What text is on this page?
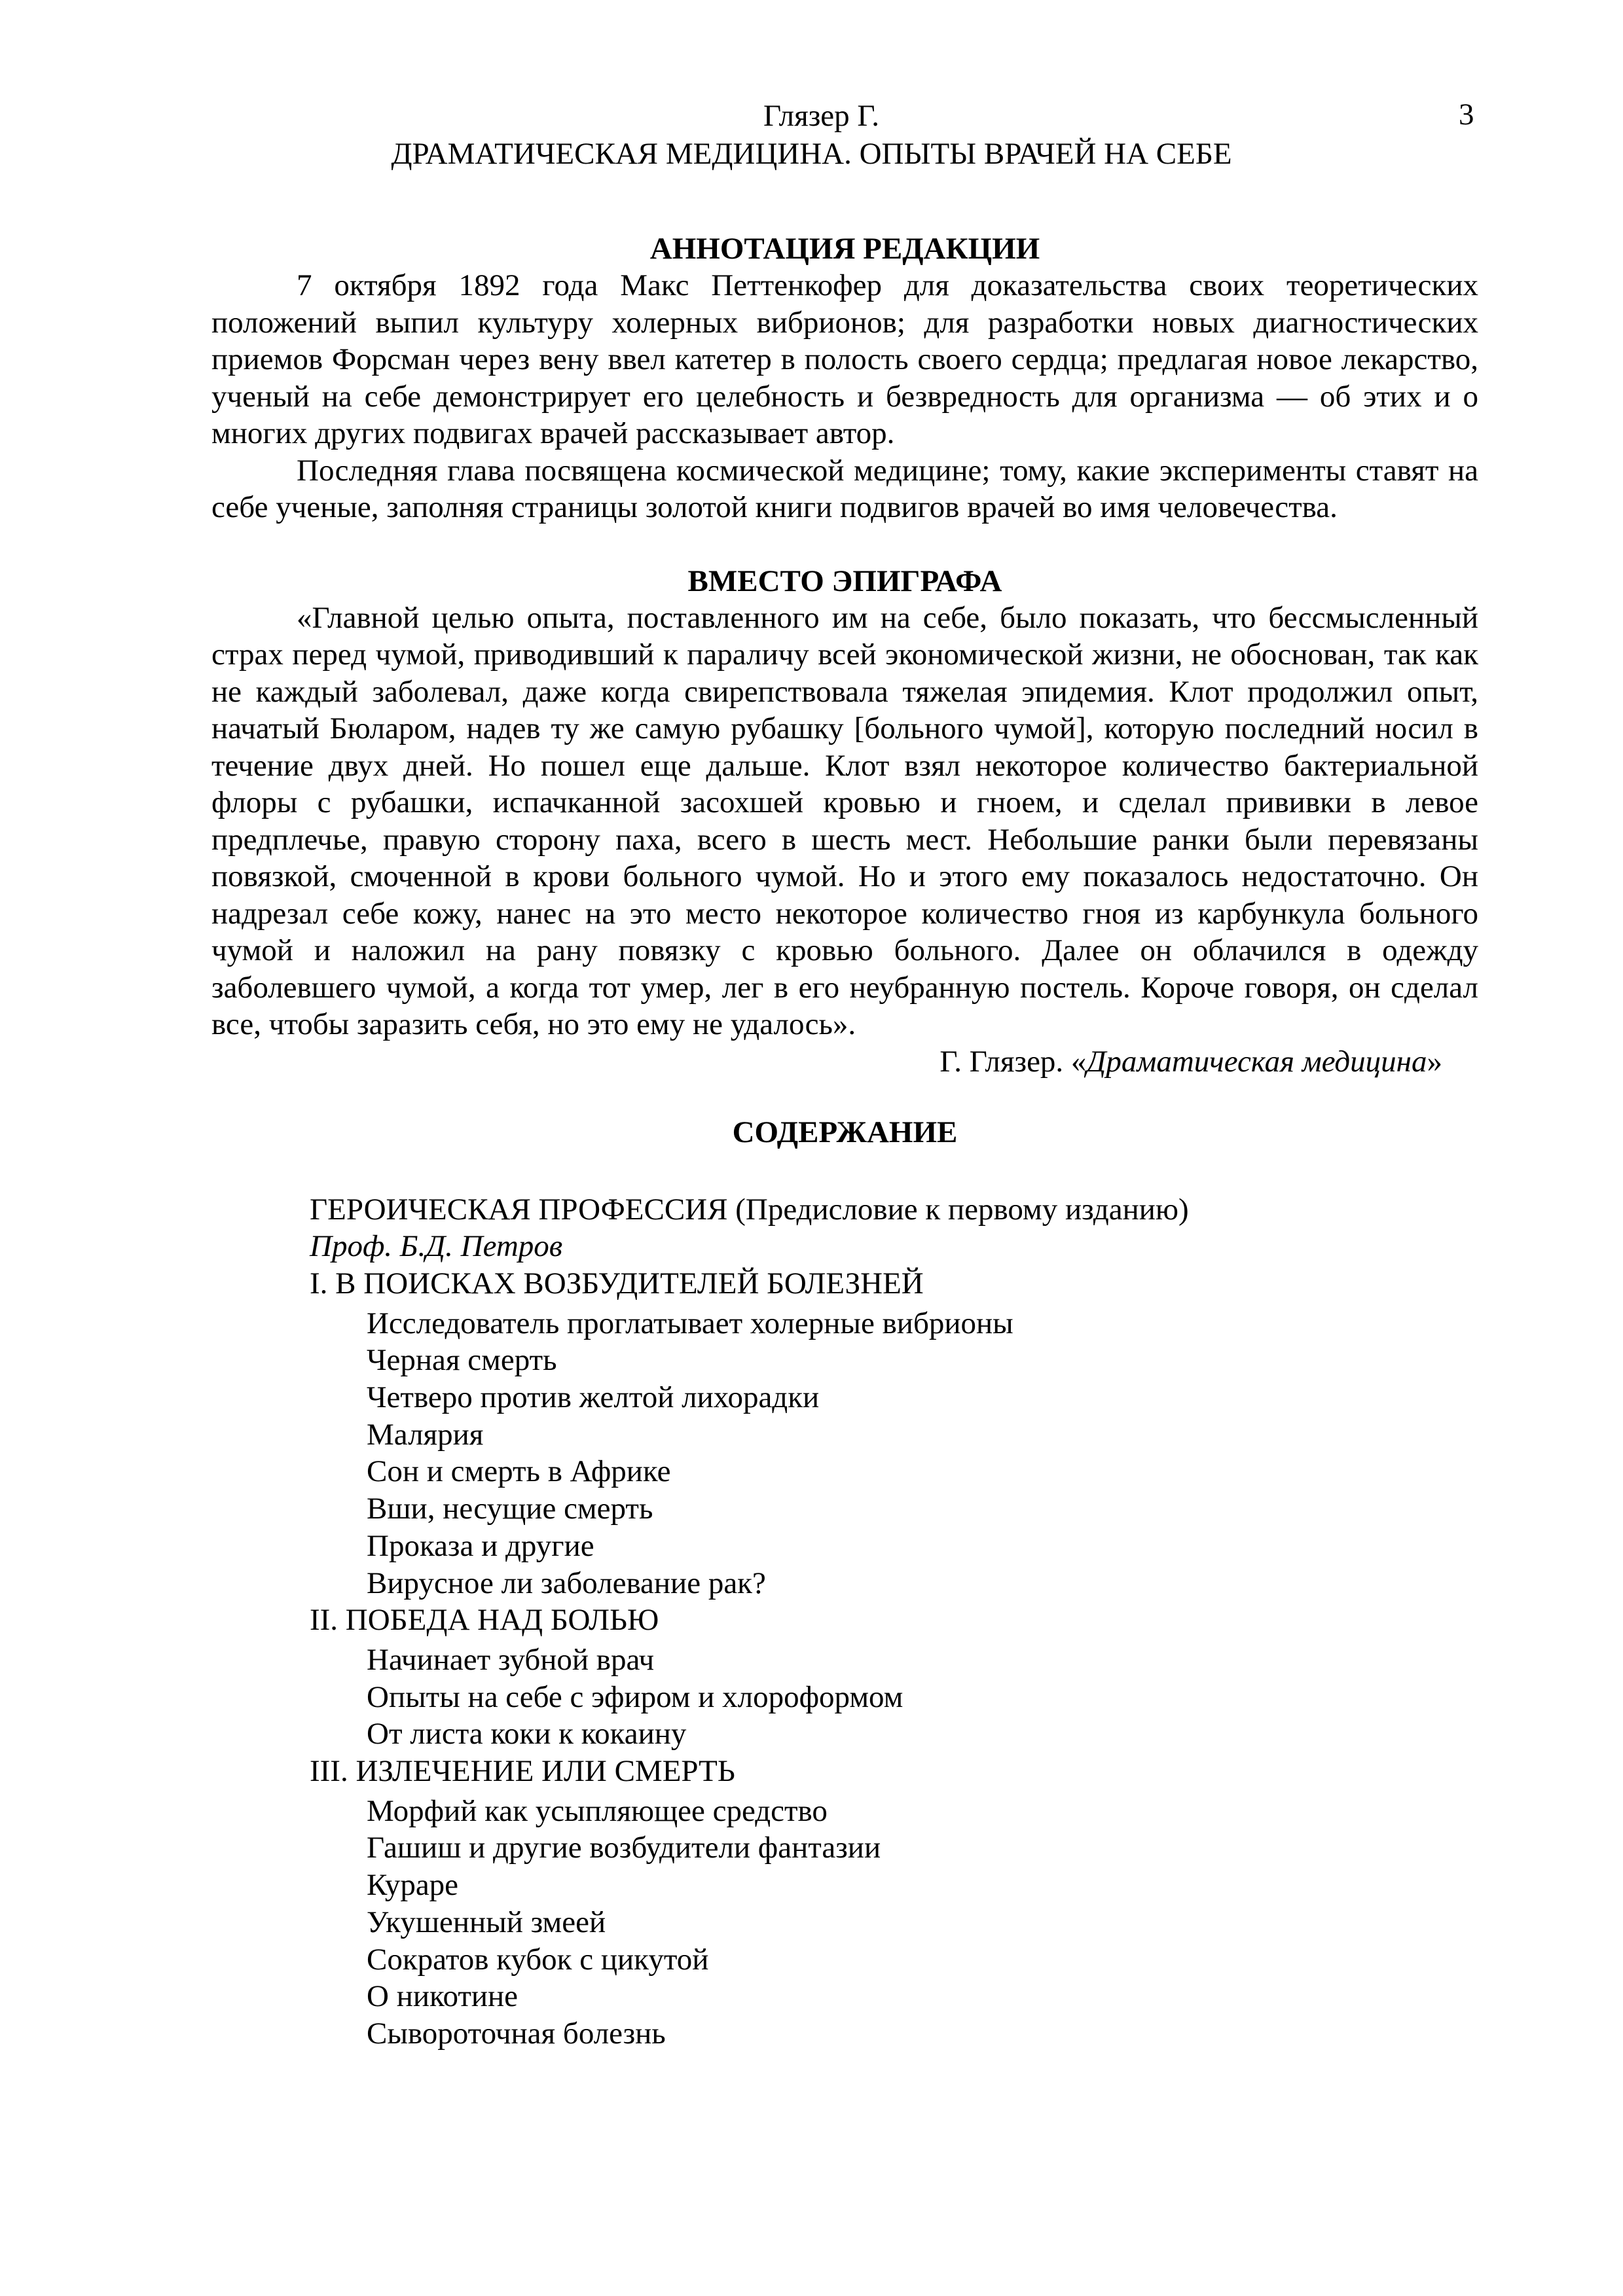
3
Глязер Г.
ДРАМАТИЧЕСКАЯ МЕДИЦИНА. ОПЫТЫ ВРАЧЕЙ НА СЕБЕ
АННОТАЦИЯ РЕДАКЦИИ

7 октября 1892 года Макс Петтенкофер для доказательства своих теоретических положений выпил культуру холерных вибрионов; для разработки новых диагностических приемов Форсман через вену ввел катетер в полость своего сердца; предлагая новое лекарство, ученый на себе демонстрирует его целебность и безвредность для организма — об этих и о многих других подвигах врачей рассказывает автор.

Последняя глава посвящена космической медицине; тому, какие эксперименты ставят на себе ученые, заполняя страницы золотой книги подвигов врачей во имя человечества.

ВМЕСТО ЭПИГРАФА

«Главной целью опыта, поставленного им на себе, было показать, что бессмысленный страх перед чумой, приводивший к параличу всей экономической жизни, не обоснован, так как не каждый заболевал, даже когда свирепствовала тяжелая эпидемия. Клот продолжил опыт, начатый Бюларом, надев ту же самую рубашку [больного чумой], которую последний носил в течение двух дней. Но пошел еще дальше. Клот взял некоторое количество бактериальной флоры с рубашки, испачканной засохшей кровью и гноем, и сделал прививки в левое предплечье, правую сторону паха, всего в шесть мест. Небольшие ранки были перевязаны повязкой, смоченной в крови больного чумой. Но и этого ему показалось недостаточно. Он надрезал себе кожу, нанес на это место некоторое количество гноя из карбункула больного чумой и наложил на рану повязку с кровью больного. Далее он облачился в одежду заболевшего чумой, а когда тот умер, лег в его неубранную постель. Короче говоря, он сделал все, чтобы заразить себя, но это ему не удалось».

Г. Глязер. «Драматическая медицина»
СОДЕРЖАНИЕ
ГЕРОИЧЕСКАЯ ПРОФЕССИЯ (Предисловие к первому изданию)
Проф. Б.Д. Петров
I. В ПОИСКАХ ВОЗБУДИТЕЛЕЙ БОЛЕЗНЕЙ
Исследователь проглатывает холерные вибрионы
Черная смерть
Четверо против желтой лихорадки
Малярия
Сон и смерть в Африке
Вши, несущие смерть
Проказа и другие
Вирусное ли заболевание рак?
II. ПОБЕДА НАД БОЛЬЮ
Начинает зубной врач
Опыты на себе с эфиром и хлороформом
От листа коки к кокаину
III. ИЗЛЕЧЕНИЕ ИЛИ СМЕРТЬ
Морфий как усыпляющее средство
Гашиш и другие возбудители фантазии
Кураре
Укушенный змеей
Сократов кубок с цикутой
О никотине
Сывороточная болезнь
